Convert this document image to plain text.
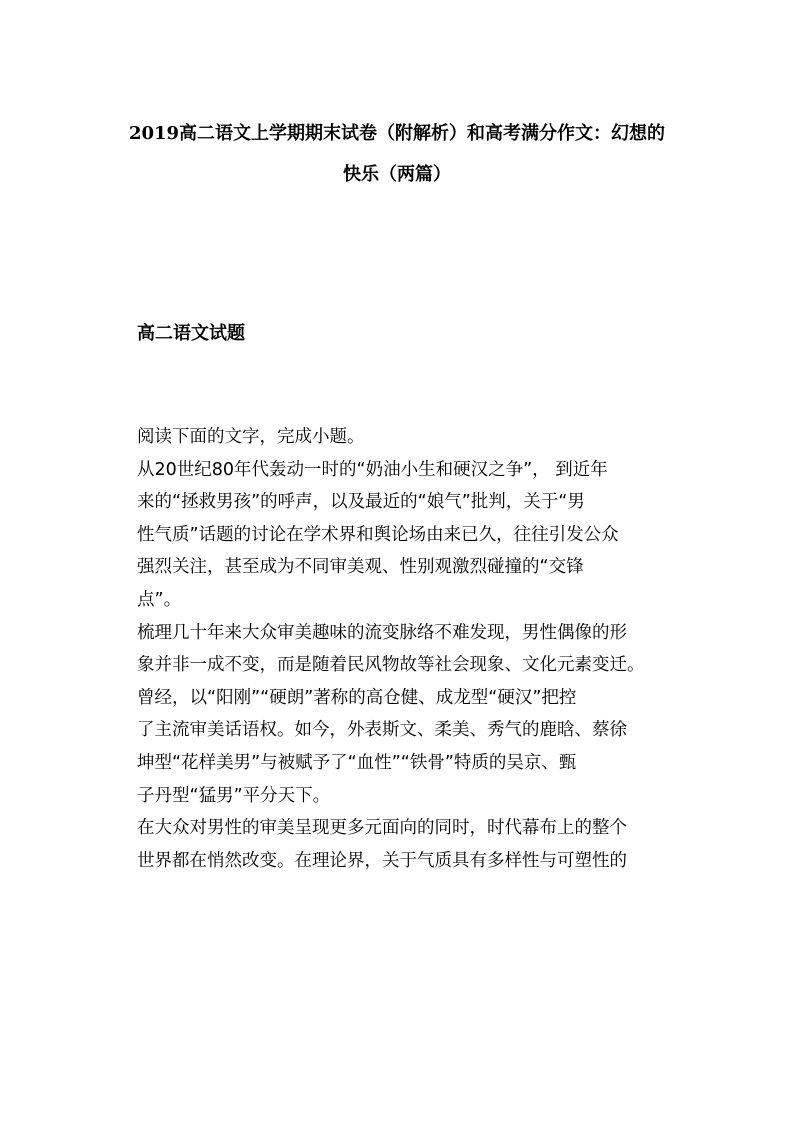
2019高二语文上学期期末试卷（附解析）和高考满分作文：幻想的
快乐（两篇）
高二语文试题
阅读下面的文字，完成小题。
从20世纪80年代轰动一时的“奶油小生和硬汉之争”， 到近年
来的“拯救男孩”的呼声，以及最近的“娘气”批判，关于“男
性气质”话题的讨论在学术界和舆论场由来已久，往往引发公众
强烈关注，甚至成为不同审美观、性别观激烈碰撞的“交锋
点”。
梳理几十年来大众审美趣味的流变脉络不难发现，男性偶像的形
象并非一成不变，而是随着民风物故等社会现象、文化元素变迁。
曾经，以“阳刚”“硬朗”著称的高仓健、成龙型“硬汉”把控
了主流审美话语权。如今，外表斯文、柔美、秀气的鹿晗、蔡徐
坤型“花样美男”与被赋予了“血性”“铁骨”特质的吴京、甄
子丹型“猛男”平分天下。
在大众对男性的审美呈现更多元面向的同时，时代幕布上的整个
世界都在悄然改变。在理论界，关于气质具有多样性与可塑性的
